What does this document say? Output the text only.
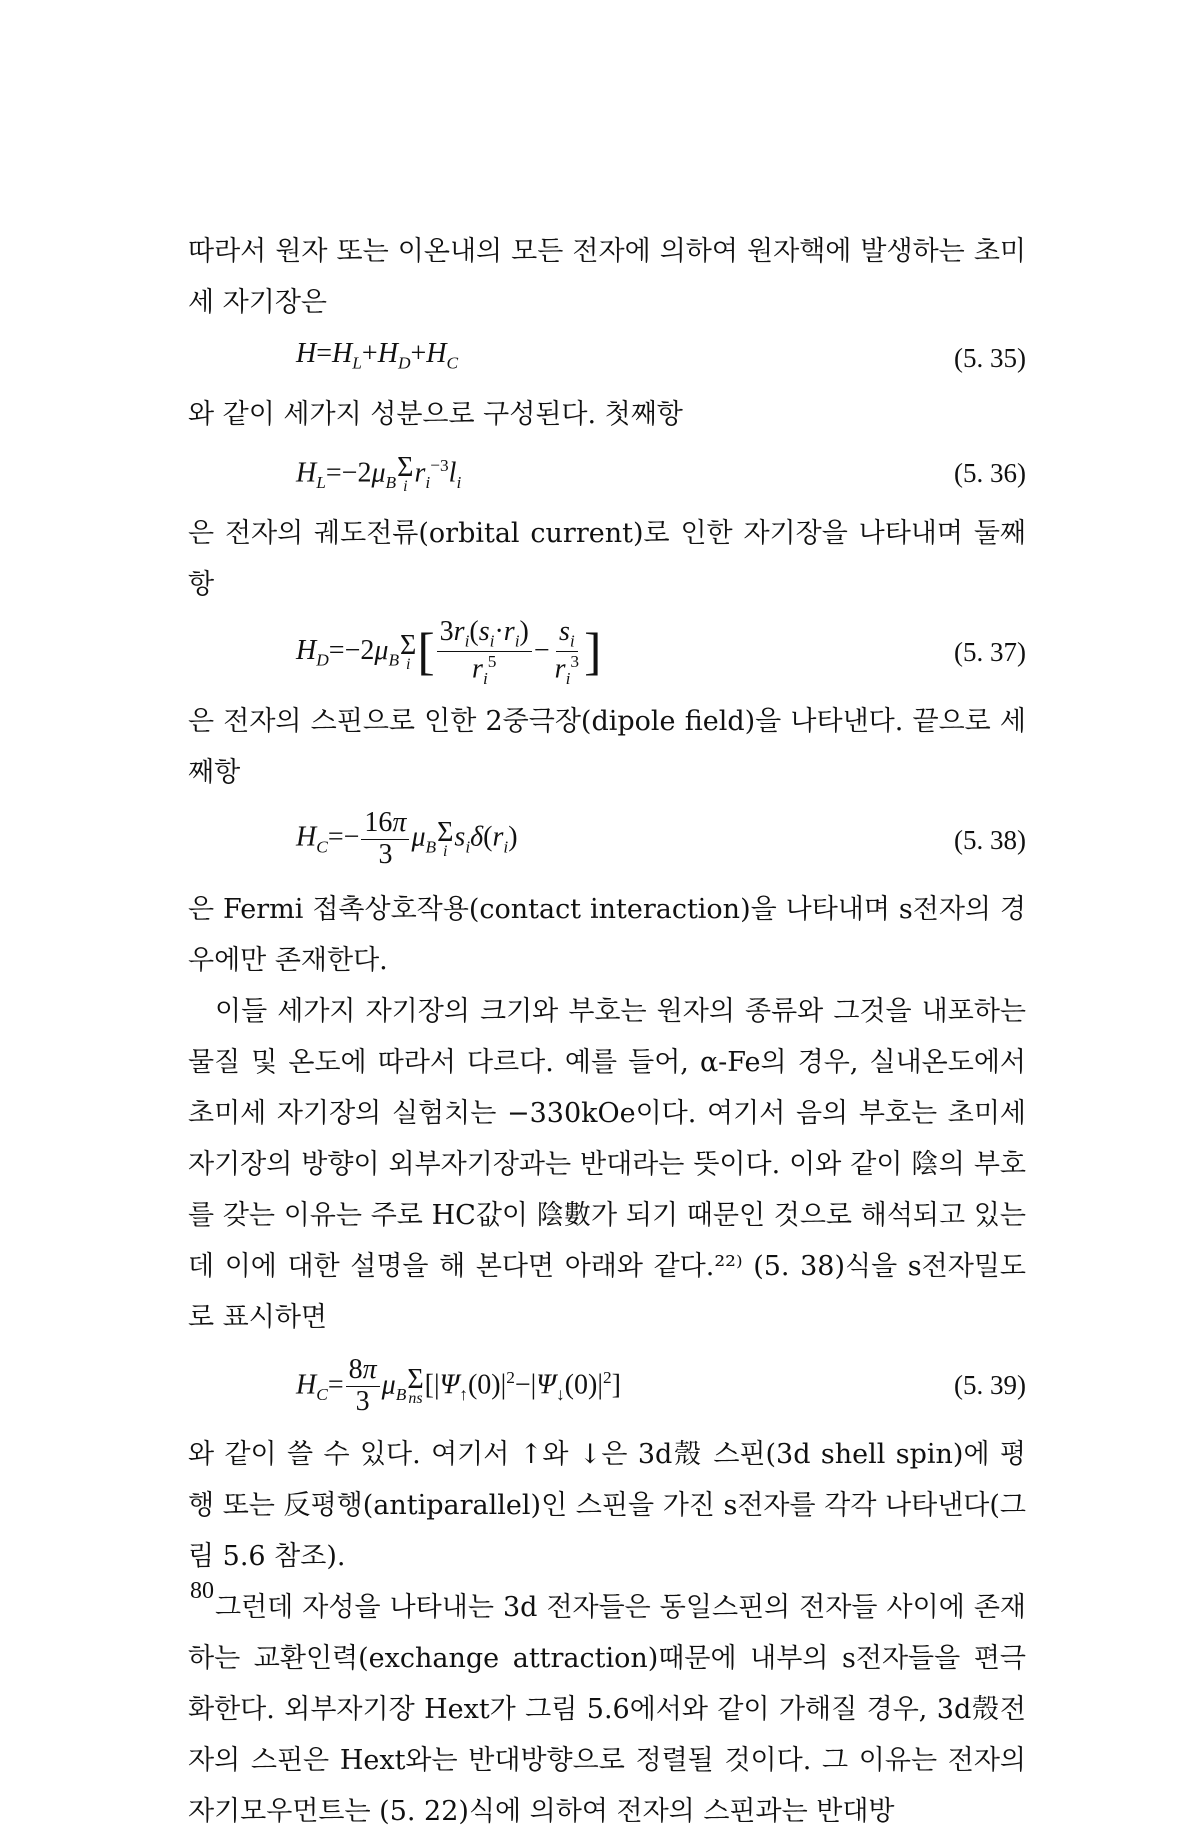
따라서 원자 또는 이온내의 모든 전자에 의하여 원자핵에 발생하는 초미세 자기장은

$H=H_L+H_D+H_C$	(5. 35)

와 같이 세가지 성분으로 구성된다. 첫째항

$H_L=-2\mu_B$ Σ
i $r_i^{-3}l_i$	(5. 36)

은 전자의 궤도전류(orbital current)로 인한 자기장을 나타내며 둘째항

$H_D=-2\mu_B$ Σ
i [ $\frac{3r_i(s_i\cdot r_i)}{r_i^5} - \frac{s_i}{r_i^3}$ ]	(5. 37)

은 전자의 스핀으로 인한 2중극장(dipole field)을 나타낸다. 끝으로 세째항

$H_C=- \frac{16\pi}{3} \mu_B$ Σ
i $s_i\delta(r_i)$	(5. 38)

은 Fermi 접촉상호작용(contact interaction)을 나타내며 s전자의 경우에만 존재한다.

이들 세가지 자기장의 크기와 부호는 원자의 종류와 그것을 내포하는 물질 및 온도에 따라서 다르다. 예를 들어, α-Fe의 경우, 실내온도에서 초미세 자기장의 실험치는 −330kOe이다. 여기서 음의 부호는 초미세 자기장의 방향이 외부자기장과는 반대라는 뜻이다. 이와 같이 陰의 부호를 갖는 이유는 주로 HC값이 陰數가 되기 때문인 것으로 해석되고 있는데 이에 대한 설명을 해 본다면 아래와 같다.²²⁾ (5. 38)식을 s전자밀도로 표시하면

$H_C= \frac{8\pi}{3} \mu_B$ Σ
ns $[|\Psi_↑(0)|^2-|\Psi_↓(0)|^2]$	(5. 39)

와 같이 쓸 수 있다. 여기서 ↑와 ↓은 3d殼 스핀(3d shell spin)에 평행 또는 反평행(antiparallel)인 스핀을 가진 s전자를 각각 나타낸다(그림 5.6 참조).

그런데 자성을 나타내는 3d 전자들은 동일스핀의 전자들 사이에 존재하는 교환인력(exchange attraction)때문에 내부의 s전자들을 편극화한다. 외부자기장 Hext가 그림 5.6에서와 같이 가해질 경우, 3d殼전자의 스핀은 Hext와는 반대방향으로 정렬될 것이다. 그 이유는 전자의 자기모우먼트는 (5. 22)식에 의하여 전자의 스핀과는 반대방

80
